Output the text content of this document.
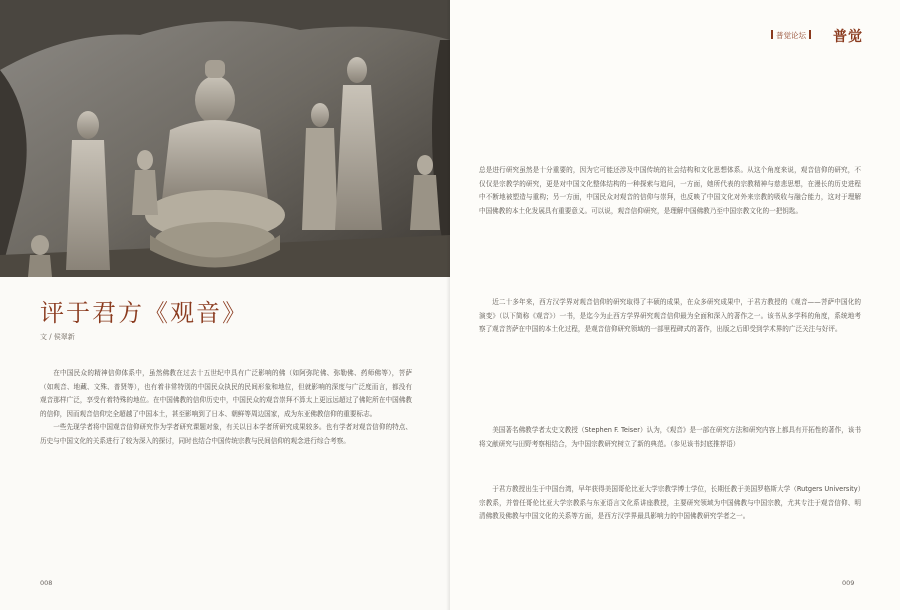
评于君方《观音》
文 / 侯翠新

在中国民众的精神信仰体系中，虽然佛教在过去十五世纪中具有广泛影响的佛（如阿弥陀佛、弥勒佛、药师佛等），菩萨（如观音、地藏、文殊、普贤等），也有着非常特别的中国民众执民的民间形象和地位，但就影响的深度与广泛度而言，都没有观音那样广泛，享受有着特殊的地位。在中国佛教的信仰历史中，中国民众的观音崇拜不算太上更远远超过了佛陀所在中国佛教的信仰，因而观音信仰完全超越了中国本土，甚至影响到了日本、朝鲜等周边国家，成为东亚佛教信仰的重要标志。

一些先现学者将中国观音信仰研究作为学者研究课题对象，有关以日本学者所研究成果较多。也有学者对观音信仰的特点、历史与中国文化的关系进行了较为深入的探讨，同时也结合中国传统宗教与民间信仰的观念进行综合考察。

008
普觉论坛	普觉

总是进行研究虽然是十分重要的，因为它可能还涉及中国传统的社会结构和文化思想体系。从这个角度来说，观音信仰的研究，不仅仅是宗教学的研究，更是对中国文化整体结构的一种探索与追问，一方面，她所代表的宗教精神与慈悲思想，在漫长的历史进程中不断地被塑造与重构；另一方面，中国民众对观音的信仰与崇拜，也反映了中国文化对外来宗教的吸收与融合能力，这对于理解中国佛教的本土化发展具有重要意义。可以说，观音信仰研究，是理解中国佛教乃至中国宗教文化的一把钥匙。

近二十多年来，西方汉学界对观音信仰的研究取得了丰硕的成果，在众多研究成果中，于君方教授的《观音——菩萨中国化的演变》（以下简称《观音》）一书，是迄今为止西方学界研究观音信仰最为全面和深入的著作之一。该书从多学科的角度，系统地考察了观音菩萨在中国的本土化过程，是观音信仰研究领域的一部里程碑式的著作，出版之后即受到学术界的广泛关注与好评。

美国著名佛教学者太史文教授（Stephen F. Teiser）认为，《观音》是一部在研究方法和研究内容上都具有开拓性的著作，该书将文献研究与田野考察相结合，为中国宗教研究树立了新的典范。（参见该书封底推荐语）

于君方教授出生于中国台湾，早年获得美国哥伦比亚大学宗教学博士学位，长期任教于美国罗格斯大学（Rutgers University）宗教系，并曾任哥伦比亚大学宗教系与东亚语言文化系讲座教授，主要研究领域为中国佛教与中国宗教，尤其专注于观音信仰、明清佛教及佛教与中国文化的关系等方面，是西方汉学界最具影响力的中国佛教研究学者之一。

009
